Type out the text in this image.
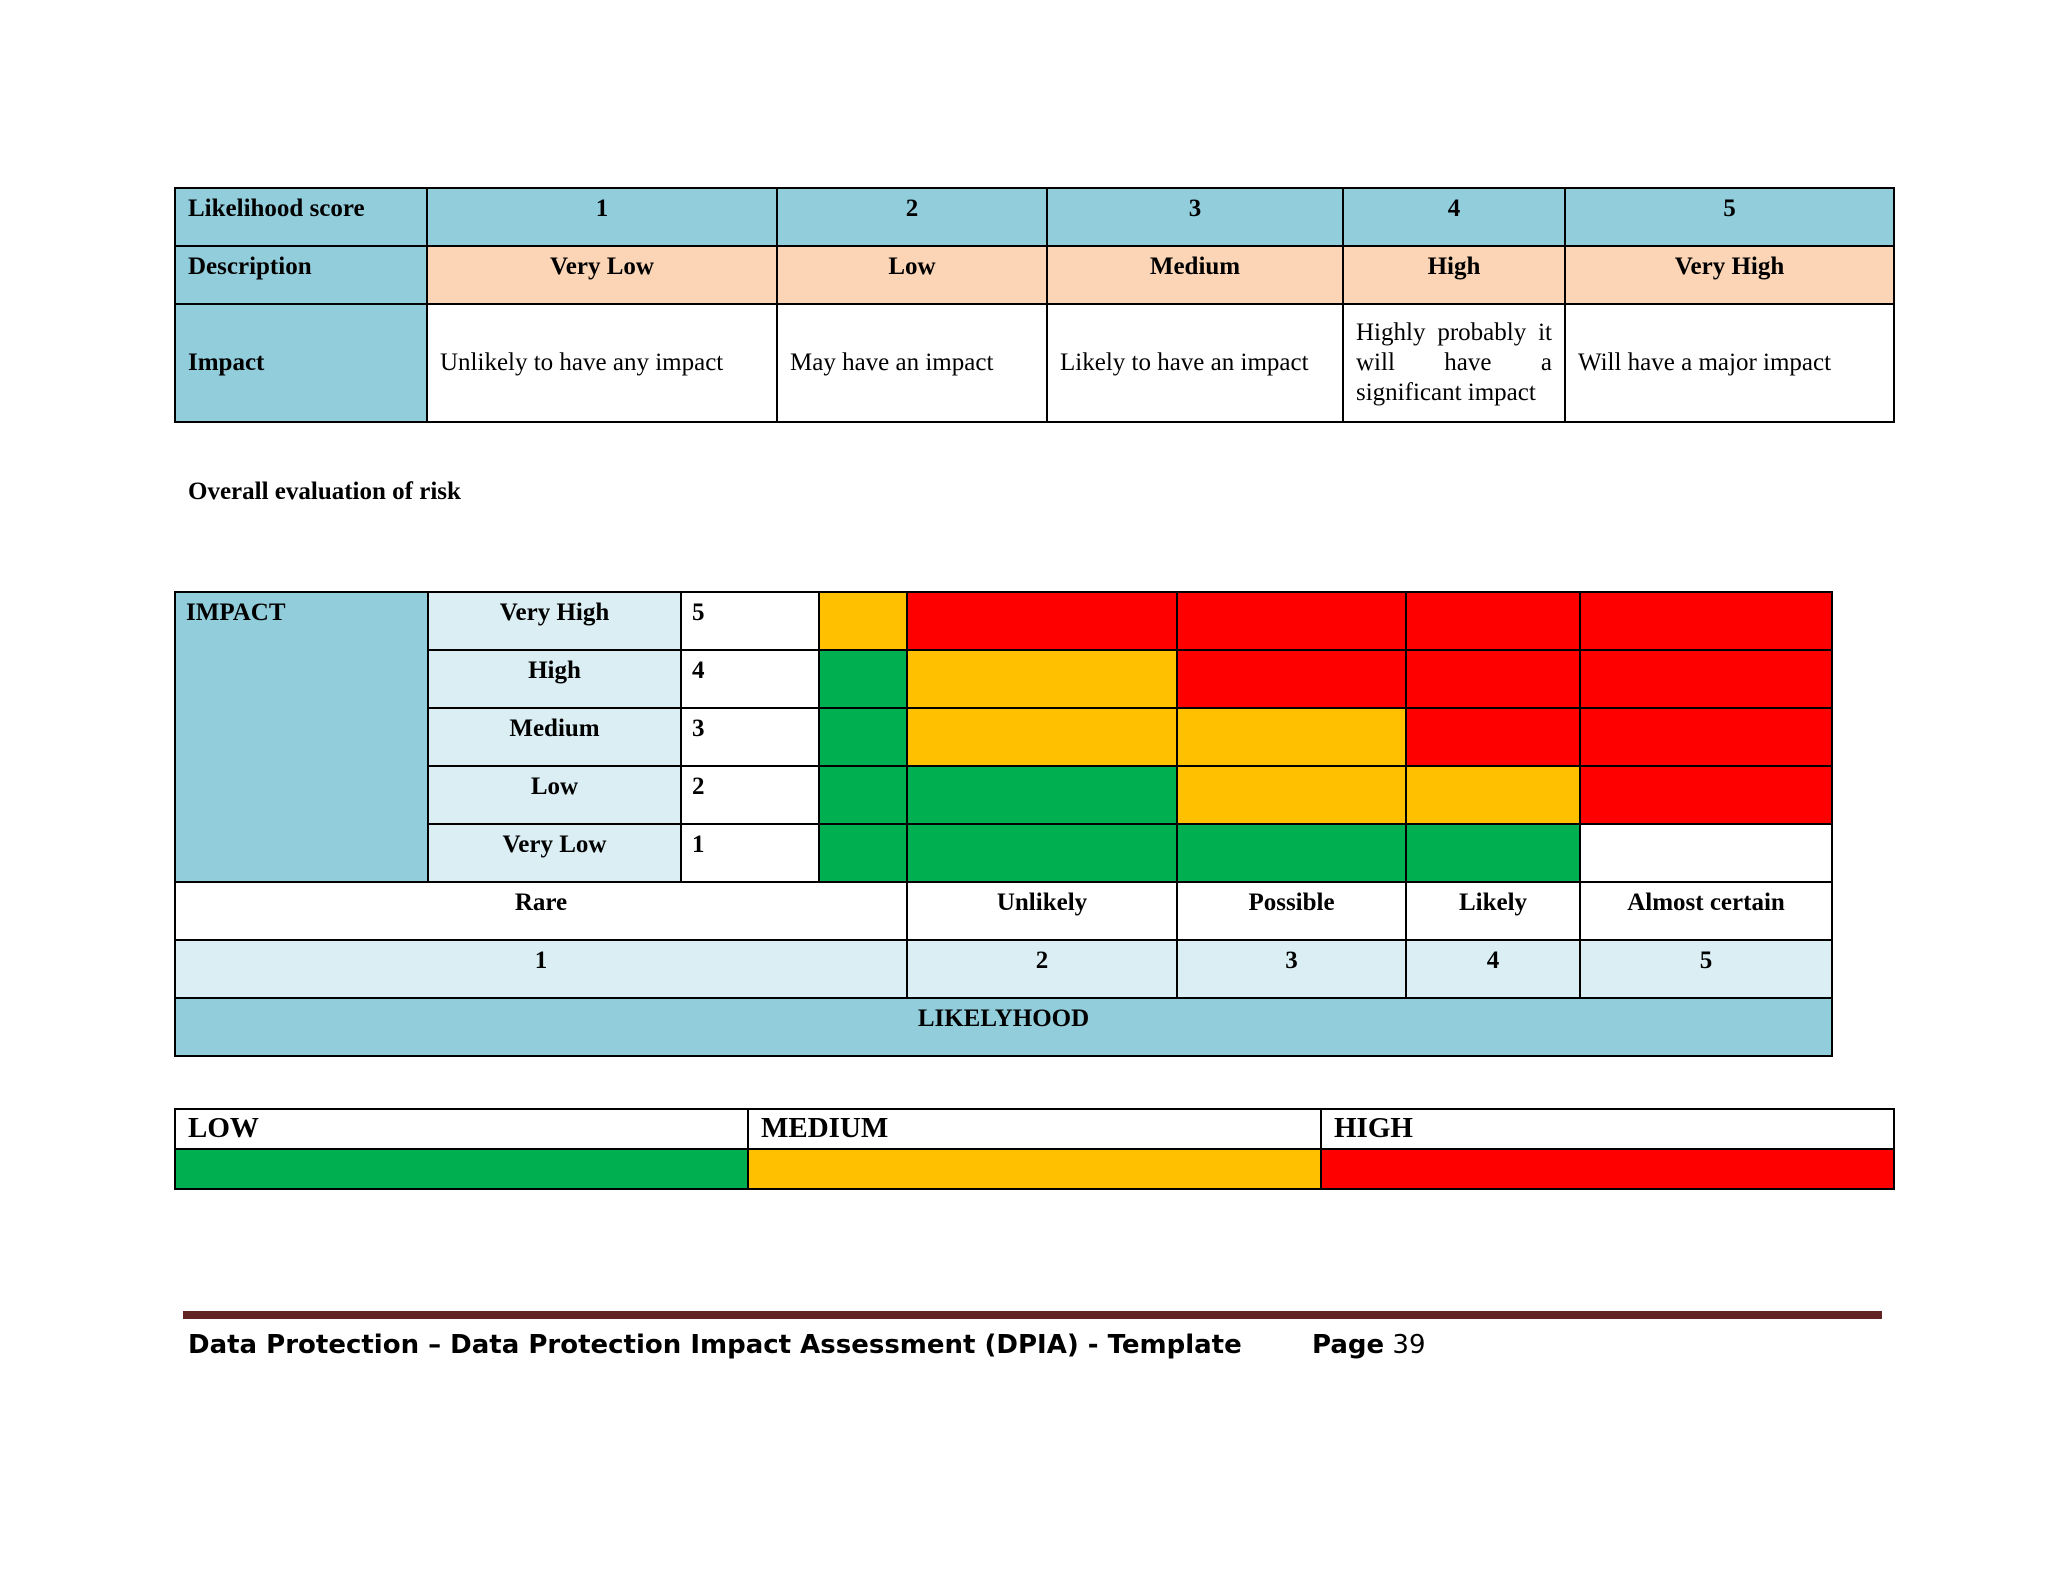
Likelihood score	1	2	3	4	5
Description	Very Low	Low	Medium	High	Very High
Impact	Unlikely to have any impact	May have an impact	Likely to have an impact	Highly probably it will have a significant impact	Will have a major impact
Overall evaluation of risk
IMPACT	Very High	5					
	High	4					
	Medium	3					
	Low	2					
	Very Low	1					
Rare				Unlikely	Possible	Likely	Almost certain
1				2	3	4	5
LIKELYHOOD							
LOW	MEDIUM	HIGH

Data Protection – Data Protection Impact Assessment (DPIA) - Template	Page 39
